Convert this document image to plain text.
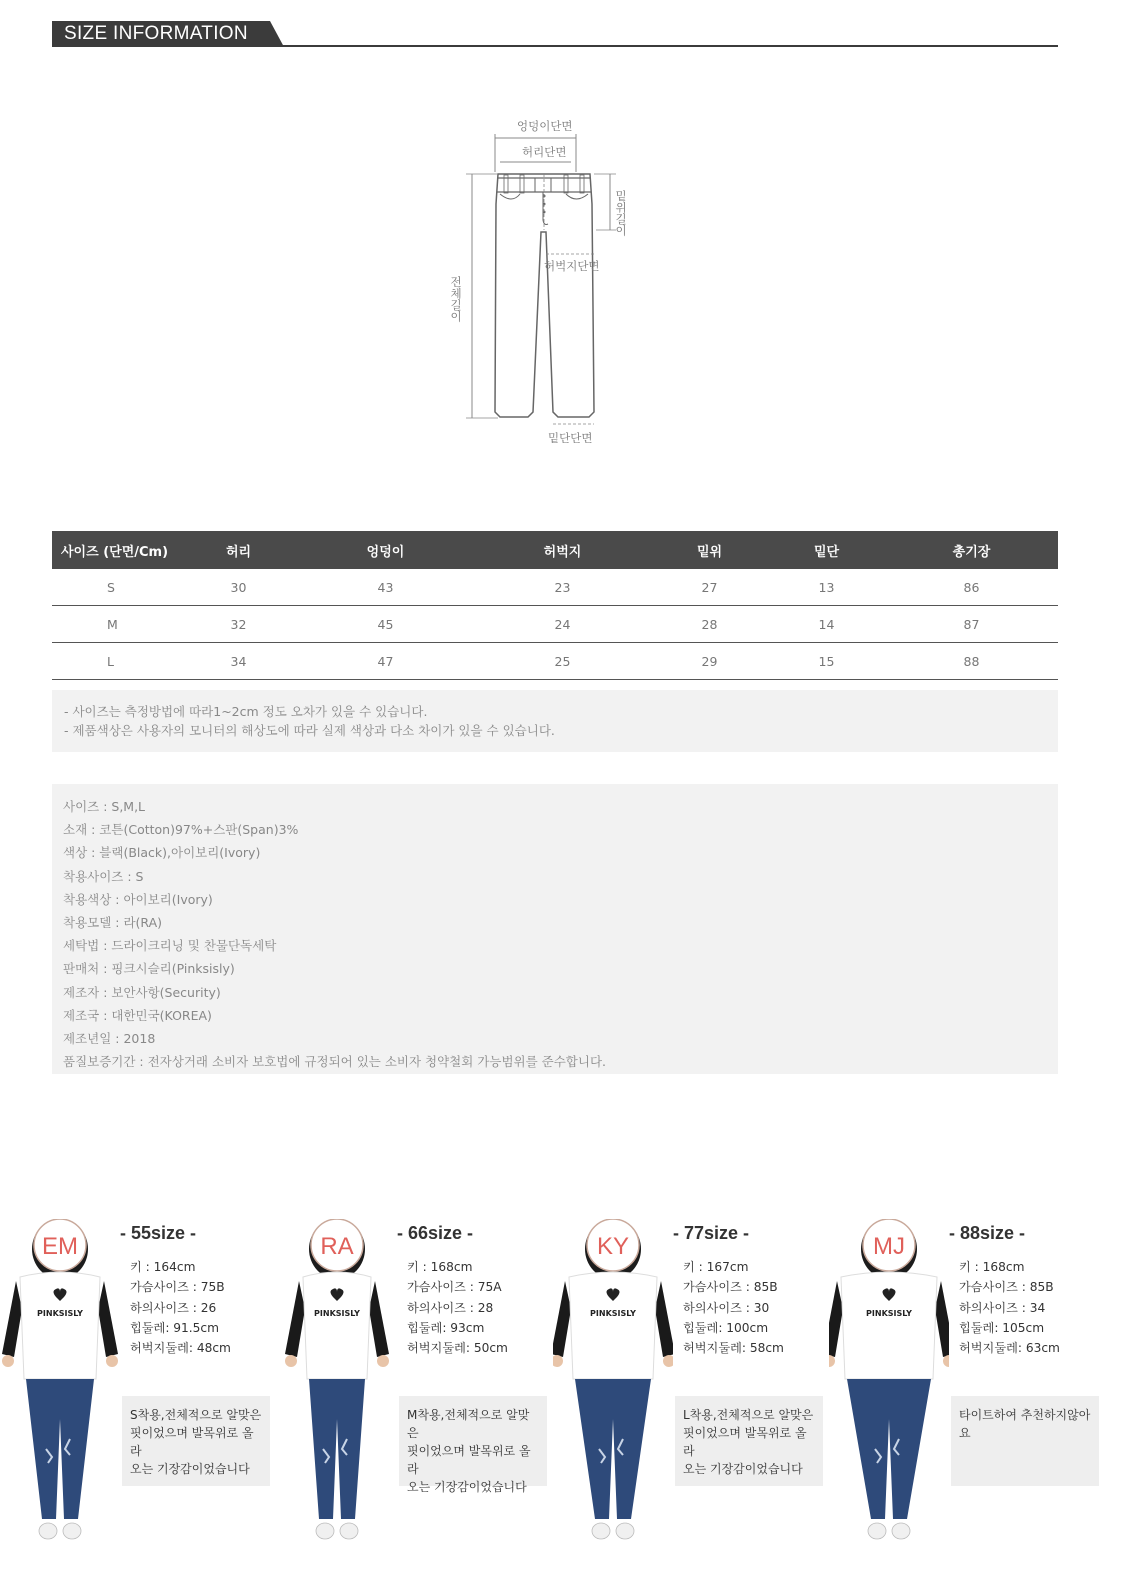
SIZE INFORMATION
엉덩이단면
허리단면
밑위길이
허벅지단면
전체길이
밑단단면
사이즈 (단면/Cm)	허리	엉덩이	허벅지	밑위	밑단	총기장
S	30	43	23	27	13	86
M	32	45	24	28	14	87
L	34	47	25	29	15	88
- 사이즈는 측정방법에 따라1~2cm 정도 오차가 있을 수 있습니다.
- 제품색상은 사용자의 모니터의 해상도에 따라 실제 색상과 다소 차이가 있을 수 있습니다.
사이즈 : S,M,L
소재 : 코튼(Cotton)97%+스판(Span)3%
색상 : 블랙(Black),아이보리(Ivory)
착용사이즈 : S
착용색상 : 아이보리(Ivory)
착용모델 : 라(RA)
세탁법 : 드라이크리닝 및 찬물단독세탁
판매처 : 핑크시슬리(Pinksisly)
제조자 : 보안사항(Security)
제조국 : 대한민국(KOREA)
제조년일 : 2018
품질보증기간 : 전자상거래 소비자 보호법에 규정되어 있는 소비자 청약철회 가능범위를 준수합니다.
EM
PINKSISLY
- 55size -
키 : 164cm
가슴사이즈 : 75B
하의사이즈 : 26
힙둘레: 91.5cm
허벅지둘레: 48cm
S착용,전체적으로 알맞은
핏이었으며 발목위로 올라
오는 기장감이었습니다
RA
PINKSISLY
- 66size -
키 : 168cm
가슴사이즈 : 75A
하의사이즈 : 28
힙둘레: 93cm
허벅지둘레: 50cm
M착용,전체적으로 알맞은
핏이었으며 발목위로 올라
오는 기장감이었습니다
KY
PINKSISLY
- 77size -
키 : 167cm
가슴사이즈 : 85B
하의사이즈 : 30
힙둘레: 100cm
허벅지둘레: 58cm
L착용,전체적으로 알맞은
핏이었으며 발목위로 올라
오는 기장감이었습니다
MJ
PINKSISLY
- 88size -
키 : 168cm
가슴사이즈 : 85B
하의사이즈 : 34
힙둘레: 105cm
허벅지둘레: 63cm
타이트하여 추천하지않아
요
